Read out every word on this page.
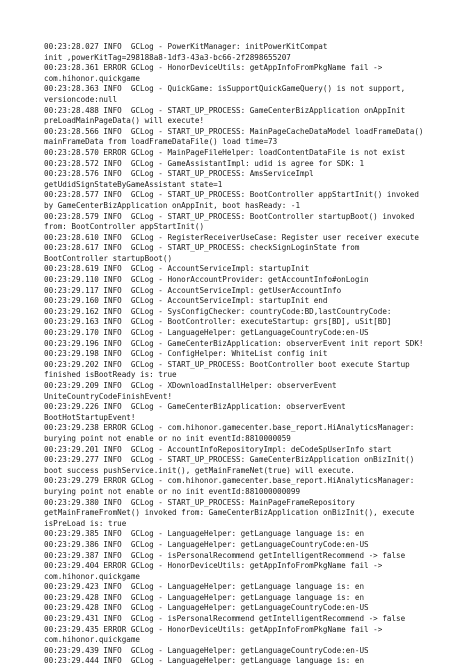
00:23:28.027 INFO  GCLog - PowerKitManager: initPowerKitCompat

init ,powerKitTag=298188a8-1df3-43a3-bc66-2f2898655207

00:23:28.361 ERROR GCLog - HonorDeviceUtils: getAppInfoFromPkgName fail ->

com.hihonor.quickgame

00:23:28.363 INFO  GCLog - QuickGame: isSupportQuickGameQuery() is not support,

versioncode:null

00:23:28.488 INFO  GCLog - START_UP_PROCESS: GameCenterBizApplication onAppInit

preLoadMainPageData() will execute!

00:23:28.566 INFO  GCLog - START_UP_PROCESS: MainPageCacheDataModel loadFrameData()

mainFrameData from loadFrameDataFile() load time=73

00:23:28.570 ERROR GCLog - MainPageFileHelper: loadContentDataFile is not exist

00:23:28.572 INFO  GCLog - GameAssistantImpl: udid is agree for SDK: 1

00:23:28.576 INFO  GCLog - START_UP_PROCESS: AmsServiceImpl

getUdidSignStateByGameAssistant state=1

00:23:28.577 INFO  GCLog - START_UP_PROCESS: BootController appStartInit() invoked

by GameCenterBizApplication onAppInit, boot hasReady: -1

00:23:28.579 INFO  GCLog - START_UP_PROCESS: BootController startupBoot() invoked

from: BootController appStartInit()

00:23:28.610 INFO  GCLog - RegisterReceiverUseCase: Register user receiver execute

00:23:28.617 INFO  GCLog - START_UP_PROCESS: checkSignLoginState from

BootController startupBoot()

00:23:28.619 INFO  GCLog - AccountServiceImpl: startupInit

00:23:29.110 INFO  GCLog - HonorAccountProvider: getAccountInfo#onLogin

00:23:29.117 INFO  GCLog - AccountServiceImpl: getUserAccountInfo

00:23:29.160 INFO  GCLog - AccountServiceImpl: startupInit end

00:23:29.162 INFO  GCLog - SysConfigChecker: countryCode:BD,lastCountryCode:

00:23:29.163 INFO  GCLog - BootController: executeStartup: grs[BD], uSit[BD]

00:23:29.170 INFO  GCLog - LanguageHelper: getLanguageCountryCode:en-US

00:23:29.196 INFO  GCLog - GameCenterBizApplication: observerEvent init report SDK!

00:23:29.198 INFO  GCLog - ConfigHelper: WhiteList config init

00:23:29.202 INFO  GCLog - START_UP_PROCESS: BootController boot execute Startup

finished isBootReady is: true

00:23:29.209 INFO  GCLog - XDownloadInstallHelper: observerEvent

UniteCountryCodeFinishEvent!

00:23:29.226 INFO  GCLog - GameCenterBizApplication: observerEvent

BootHotStartupEvent!

00:23:29.238 ERROR GCLog - com.hihonor.gamecenter.base_report.HiAnalyticsManager:

burying point not enable or no init eventId:8810000059

00:23:29.201 INFO  GCLog - AccountInfoRepositoryImpl: deCodeSpUserInfo start

00:23:29.277 INFO  GCLog - START_UP_PROCESS: GameCenterBizApplication onBizInit()

boot success pushService.init(), getMainFrameNet(true) will execute.

00:23:29.279 ERROR GCLog - com.hihonor.gamecenter.base_report.HiAnalyticsManager:

burying point not enable or no init eventId:881000000099

00:23:29.380 INFO  GCLog - START_UP_PROCESS: MainPageFrameRepository

getMainFrameFromNet() invoked from: GameCenterBizApplication onBizInit(), execute

isPreLoad is: true

00:23:29.385 INFO  GCLog - LanguageHelper: getLanguage language is: en

00:23:29.386 INFO  GCLog - LanguageHelper: getLanguageCountryCode:en-US

00:23:29.387 INFO  GCLog - isPersonalRecommend getIntelligentRecommend -> false

00:23:29.404 ERROR GCLog - HonorDeviceUtils: getAppInfoFromPkgName fail ->

com.hihonor.quickgame

00:23:29.423 INFO  GCLog - LanguageHelper: getLanguage language is: en

00:23:29.428 INFO  GCLog - LanguageHelper: getLanguage language is: en

00:23:29.428 INFO  GCLog - LanguageHelper: getLanguageCountryCode:en-US

00:23:29.431 INFO  GCLog - isPersonalRecommend getIntelligentRecommend -> false

00:23:29.435 ERROR GCLog - HonorDeviceUtils: getAppInfoFromPkgName fail ->

com.hihonor.quickgame

00:23:29.439 INFO  GCLog - LanguageHelper: getLanguageCountryCode:en-US

00:23:29.444 INFO  GCLog - LanguageHelper: getLanguage language is: en
